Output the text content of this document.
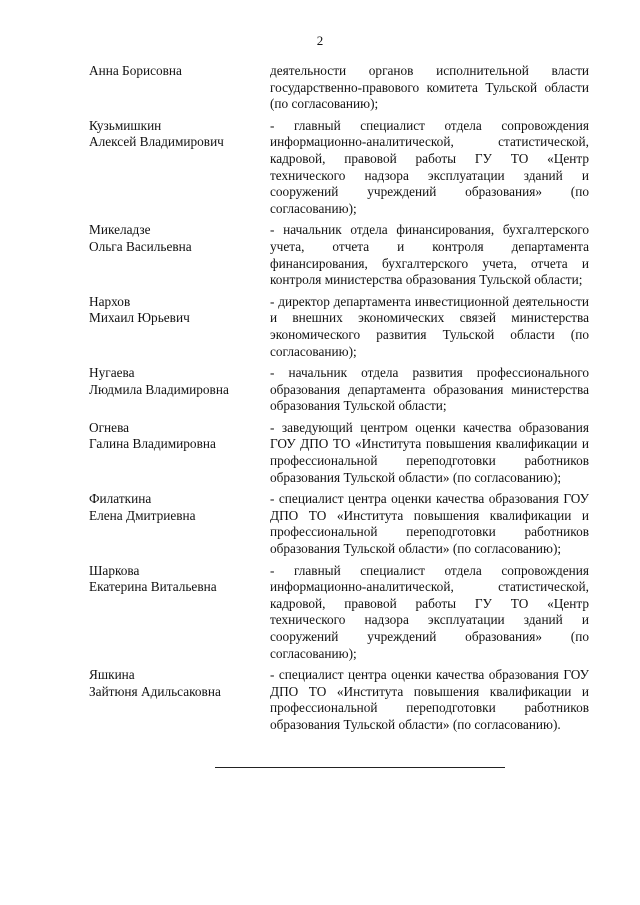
2
Анна Борисовна	деятельности органов исполнительной власти государственно-правового комитета Тульской области (по согласованию);
Кузьмишкин
Алексей Владимирович
- главный специалист отдела сопровождения информационно-аналитической, статистической, кадровой, правовой работы ГУ ТО «Центр технического надзора эксплуатации зданий и сооружений учреждений образования» (по согласованию);
Микеладзе
Ольга Васильевна
- начальник отдела финансирования, бухгалтерского учета, отчета и контроля департамента финансирования, бухгалтерского учета, отчета и контроля министерства образования Тульской области;
Нархов
Михаил Юрьевич
- директор департамента инвестиционной деятельности и внешних экономических связей министерства экономического развития Тульской области (по согласованию);
Нугаева
Людмила Владимировна
- начальник отдела развития профессионального образования департамента образования министерства образования Тульской области;
Огнева
Галина Владимировна
- заведующий центром оценки качества образования ГОУ ДПО ТО «Института повышения квалификации и профессиональной переподготовки работников образования Тульской области» (по согласованию);
Филаткина
Елена Дмитриевна
- специалист центра оценки качества образования ГОУ ДПО ТО «Института повышения квалификации и профессиональной переподготовки работников образования Тульской области» (по согласованию);
Шаркова
Екатерина Витальевна
- главный специалист отдела сопровождения информационно-аналитической, статистической, кадровой, правовой работы ГУ ТО «Центр технического надзора эксплуатации зданий и сооружений учреждений образования» (по согласованию);
Яшкина
Зайтюня Адильсаковна
- специалист центра оценки качества образования ГОУ ДПО ТО «Института повышения квалификации и профессиональной переподготовки работников образования Тульской области» (по согласованию).
